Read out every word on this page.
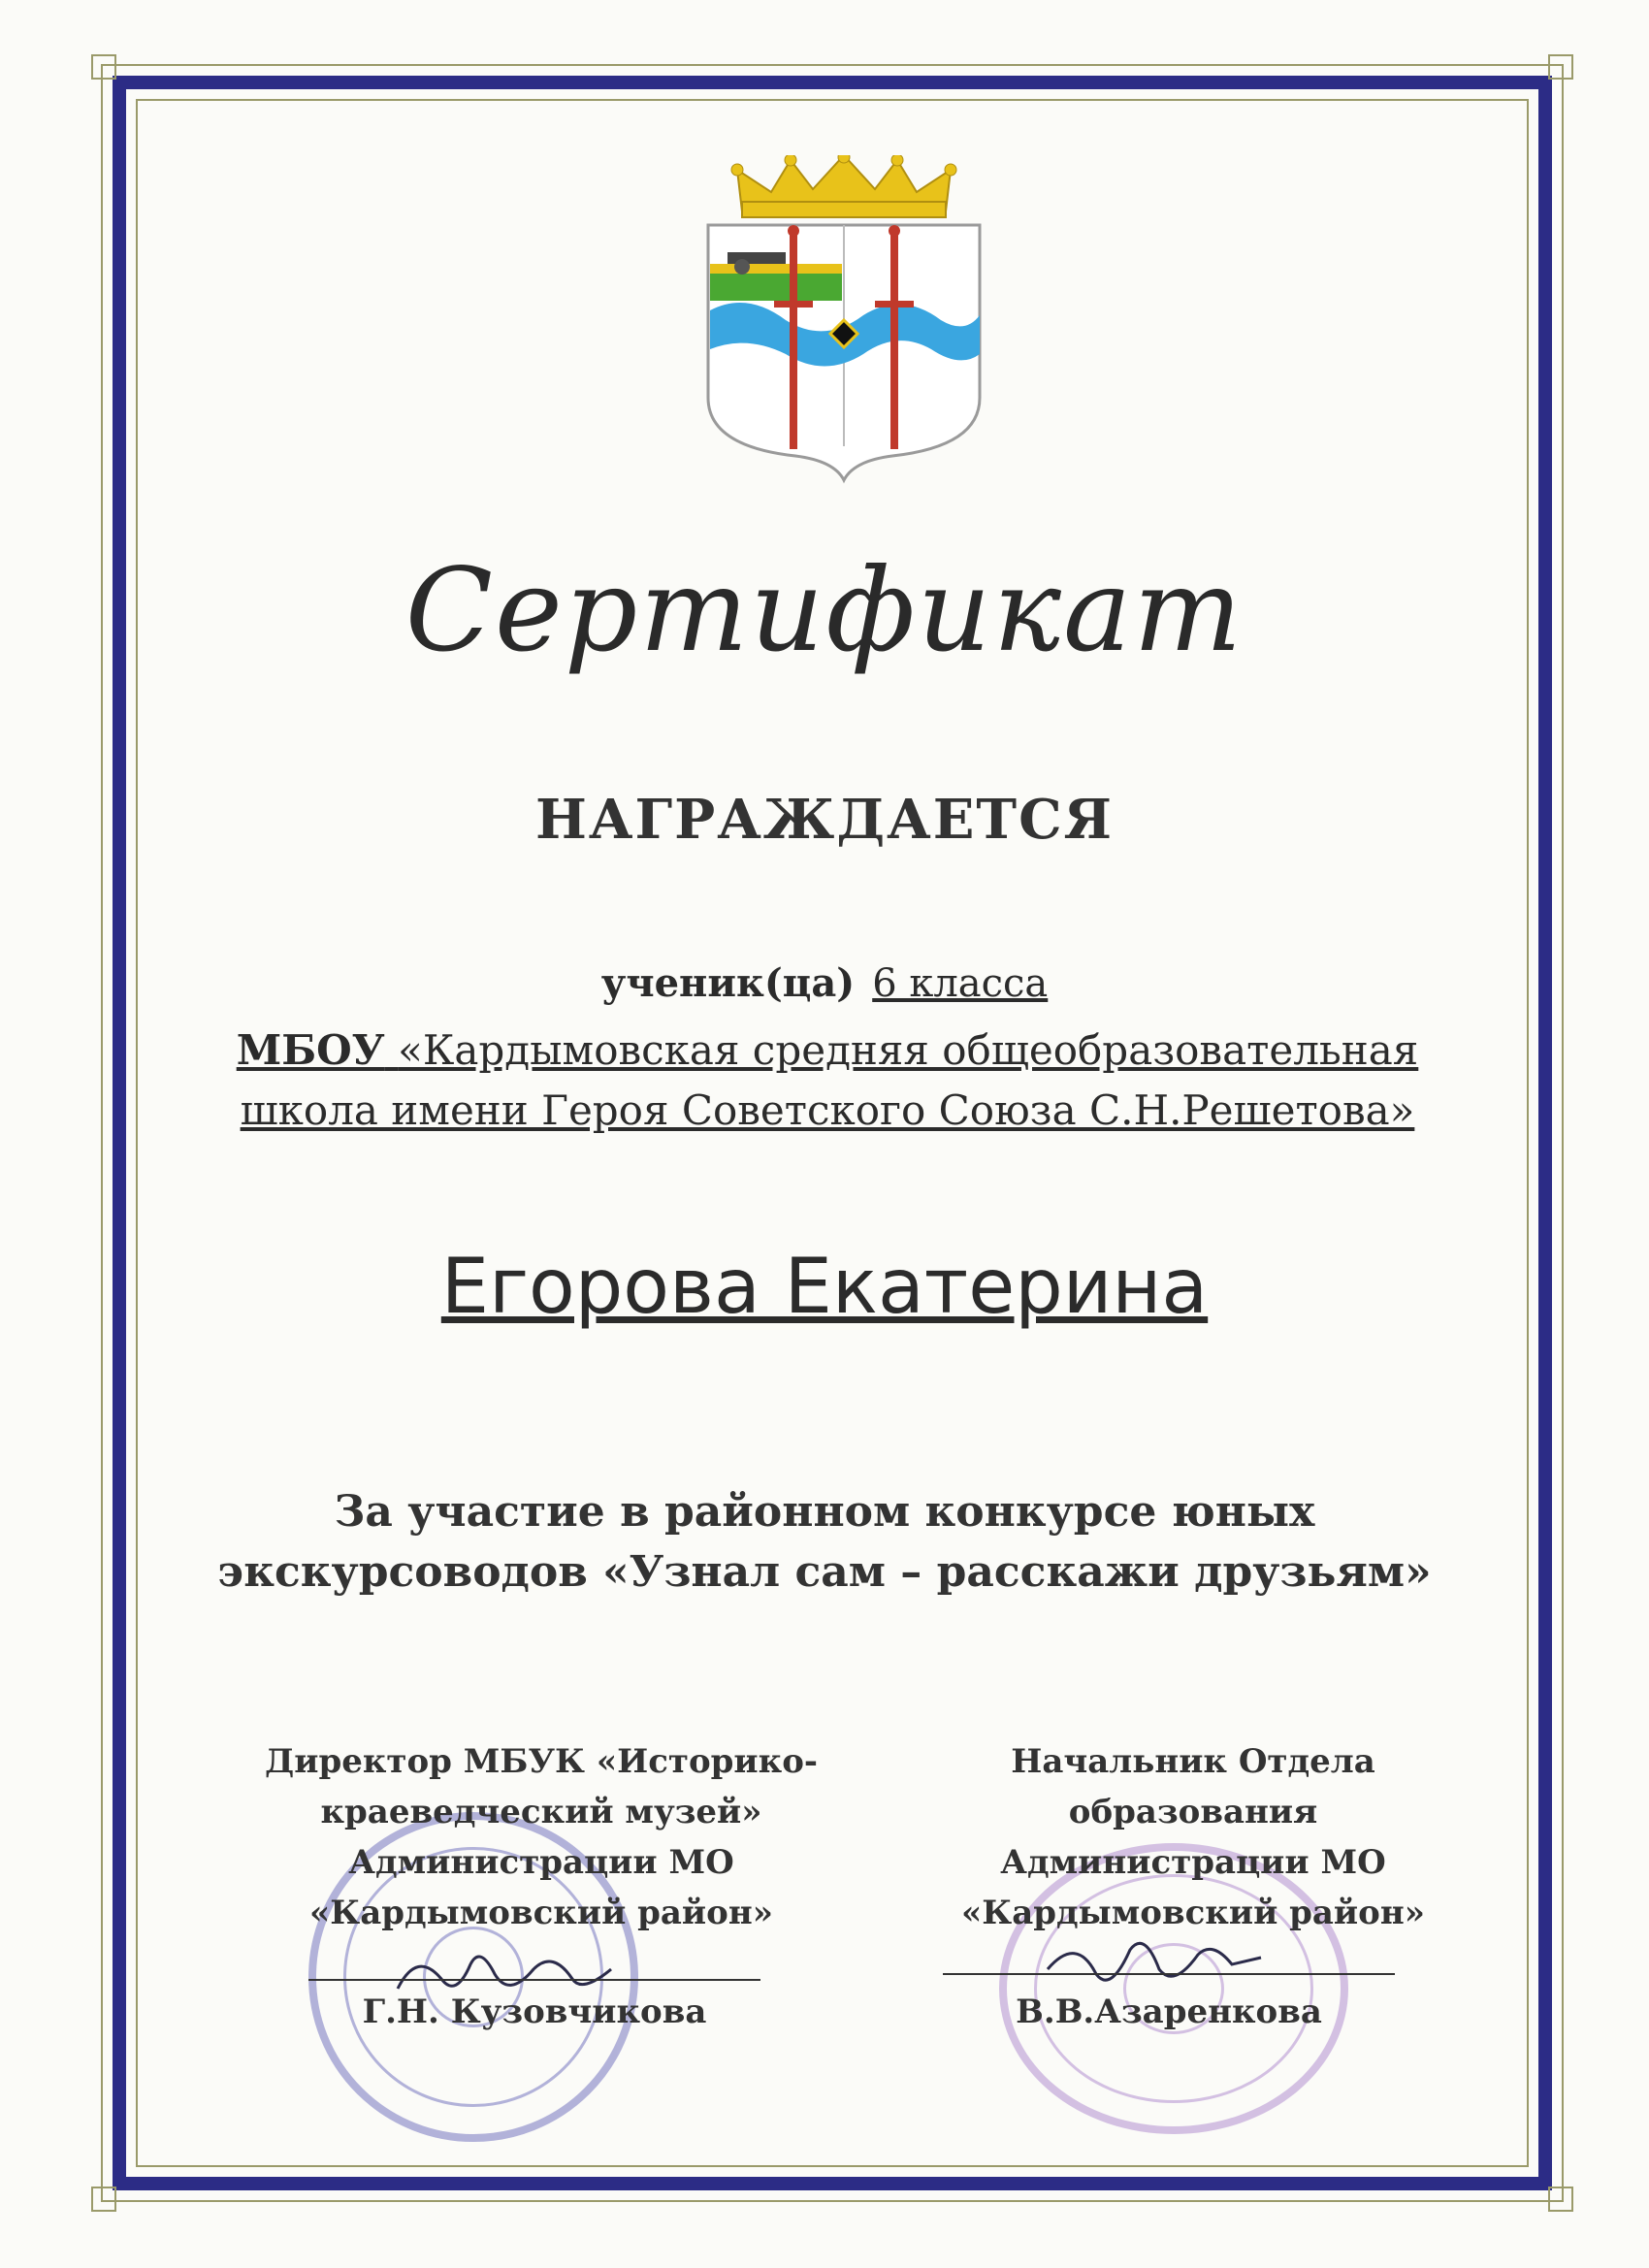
Сертификат
НАГРАЖДАЕТСЯ
ученик(ца) 6 класса
МБОУ «Кардымовская средняя общеобразовательная
школа имени Героя Советского Союза С.Н.Решетова»
Егорова Екатерина
За участие в районном конкурсе юных
экскурсоводов «Узнал сам – расскажи друзьям»
Директор МБУК «Историко-
краеведческий музей»
Администрации МО
«Кардымовский район»
Г.Н. Кузовчикова
Начальник Отдела
образования
Администрации МО
«Кардымовский район»
В.В.Азаренкова
